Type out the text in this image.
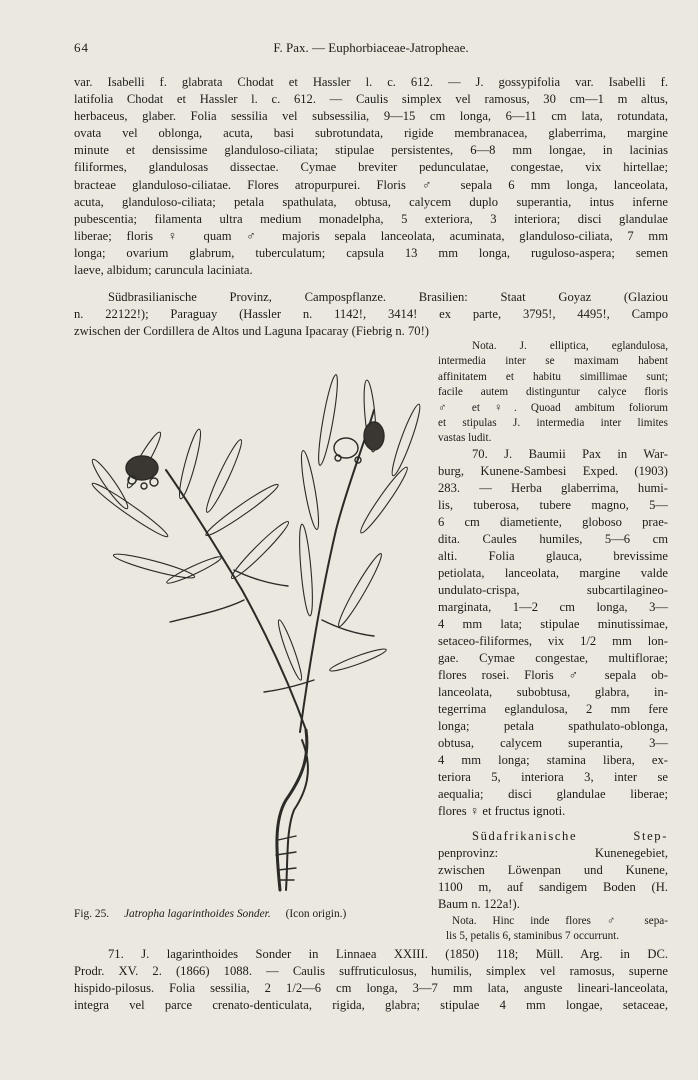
64	F. Pax. — Euphorbiaceae-Jatropheae.
var. Isabelli f. glabrata Chodat et Hassler l. c. 612. — J. gossypifolia var. Isabelli f.
latifolia Chodat et Hassler l. c. 612. — Caulis simplex vel ramosus, 30 cm—1 m altus,
herbaceus, glaber. Folia sessilia vel subsessilia, 9—15 cm longa, 6—11 cm lata, rotundata,
ovata vel oblonga, acuta, basi subrotundata, rigide membranacea, glaberrima, margine
minute et densissime glanduloso-ciliata; stipulae persistentes, 6—8 mm longae, in lacinias
filiformes, glandulosas dissectae. Cymae breviter pedunculatae, congestae, vix hirtellae;
bracteae glanduloso-ciliatae. Flores atropurpurei. Floris ♂ sepala 6 mm longa, lanceolata,
acuta, glanduloso-ciliata; petala spathulata, obtusa, calycem duplo superantia, intus inferne
pubescentia; filamenta ultra medium monadelpha, 5 exteriora, 3 interiora; disci glandulae
liberae; floris ♀ quam ♂ majoris sepala lanceolata, acuminata, glanduloso-ciliata, 7 mm
longa; ovarium glabrum, tuberculatum; capsula 13 mm longa, ruguloso-aspera; semen
laeve, albidum; caruncula laciniata.
Südbrasilianische Provinz, Campospflanze. Brasilien: Staat Goyaz (Glaziou
n. 22122!); Paraguay (Hassler n. 1142!, 3414! ex parte, 3795!, 4495!, Campo
zwischen der Cordillera de Altos und Laguna Ipacaray (Fiebrig n. 70!)
Nota. J. elliptica, eglandulosa,
intermedia inter se maximam habent
affinitatem et habitu simillimae sunt;
facile autem distinguntur calyce floris
♂ et ♀. Quoad ambitum foliorum
et stipulas J. intermedia inter limites
vastas ludit.
70. J. Baumii Pax in War-
burg, Kunene-Sambesi Exped. (1903)
283. — Herba glaberrima, humi-
lis, tuberosa, tubere magno, 5—
6 cm diametiente, globoso prae-
dita. Caules humiles, 5—6 cm
alti. Folia glauca, brevissime
petiolata, lanceolata, margine valde
undulato-crispa, subcartilagineo-
marginata, 1—2 cm longa, 3—
4 mm lata; stipulae minutissimae,
setaceo-filiformes, vix 1/2 mm lon-
gae. Cymae congestae, multiflorae;
flores rosei. Floris ♂ sepala ob-
lanceolata, subobtusa, glabra, in-
tegerrima eglandulosa, 2 mm fere
longa; petala spathulato-oblonga,
obtusa, calycem superantia, 3—
4 mm longa; stamina libera, ex-
teriora 5, interiora 3, inter se
aequalia; disci glandulae liberae;
flores ♀ et fructus ignoti.
Südafrikanische Step-
penprovinz: Kunenegebiet,
zwischen Löwenpan und Kunene,
1100 m, auf sandigem Boden (H.
Baum n. 122a!).
Nota. Hinc inde flores ♂ sepa-
lis 5, petalis 6, staminibus 7 occurrunt.
Fig. 25. Jatropha lagarinthoides Sonder. (Icon origin.)
71. J. lagarinthoides Sonder in Linnaea XXIII. (1850) 118; Müll. Arg. in DC.
Prodr. XV. 2. (1866) 1088. — Caulis suffruticulosus, humilis, simplex vel ramosus, superne
hispido-pilosus. Folia sessilia, 2 1/2—6 cm longa, 3—7 mm lata, anguste lineari-lanceolata,
integra vel parce crenato-denticulata, rigida, glabra; stipulae 4 mm longae, setaceae,
